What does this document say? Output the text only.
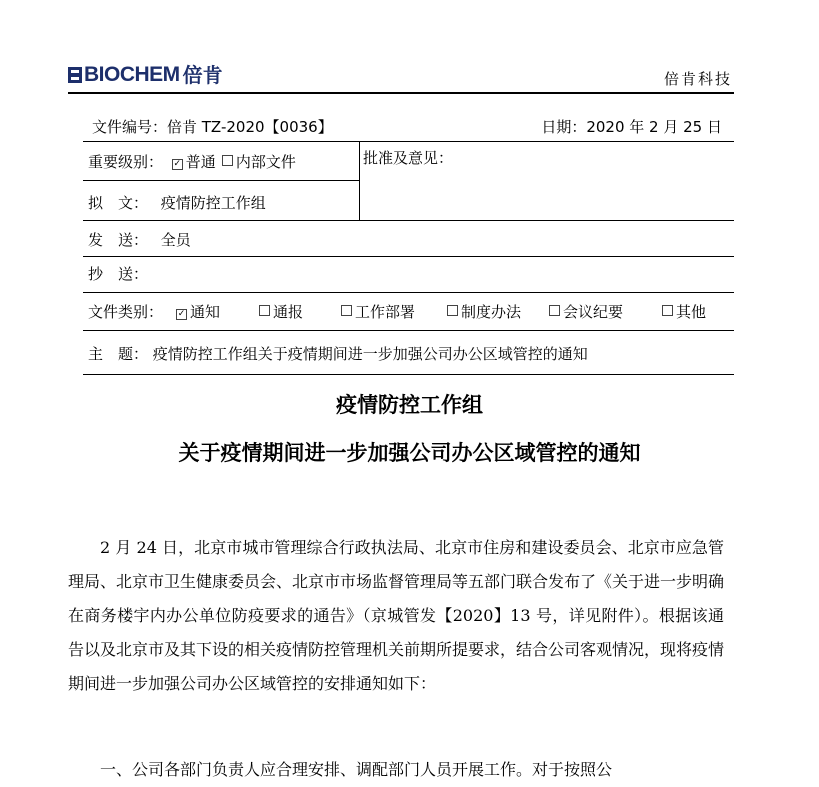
BIOCHEM 倍肯	倍肯科技
文件编号：倍肯 TZ-2020【0036】	日期：2020 年 2 月 25 日
重要级别： ✓ 普通 内部文件	批准及意见：
拟　文： 疫情防控工作组
发　送： 全员
抄　送：
文件类别： ✓ 通知	通报	工作部署	制度办法	会议纪要	其他
主　题： 疫情防控工作组关于疫情期间进一步加强公司办公区域管控的通知
疫情防控工作组
关于疫情期间进一步加强公司办公区域管控的通知

2 月 24 日，北京市城市管理综合行政执法局、北京市住房和建设委员会、北京市应急管理局、北京市卫生健康委员会、北京市市场监督管理局等五部门联合发布了《关于进一步明确在商务楼宇内办公单位防疫要求的通告》（京城管发【2020】13 号，详见附件）。根据该通告以及北京市及其下设的相关疫情防控管理机关前期所提要求，结合公司客观情况，现将疫情期间进一步加强公司办公区域管控的安排通知如下：

一、公司各部门负责人应合理安排、调配部门人员开展工作。对于按照公
